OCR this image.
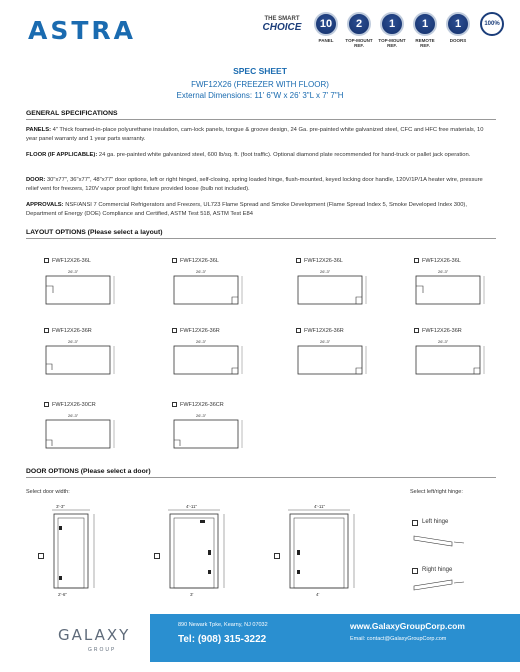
ASTRA	THE SMART
CHOICE	10
PANEL
2
TOP-MOUNT REF.
1
TOP-MOUNT REF.
1
REMOTE REF.
1
DOORS
100%
SPEC SHEET
FWF12X26 (FREEZER WITH FLOOR)
External Dimensions: 11' 6"W x 26' 3"L x 7' 7"H
GENERAL SPECIFICATIONS
PANELS: 4" Thick foamed-in-place polyurethane insulation, cam-lock panels, tongue & groove design, 24 Ga. pre-painted white galvanized steel, CFC and HFC free materials, 10 year panel warranty and 1 year parts warranty.
FLOOR (IF APPLICABLE): 24 ga. pre-painted white galvanized steel, 600 lb/sq. ft. (foot traffic). Optional diamond plate recommended for hand-truck or pallet jack operation.
DOOR: 30"x77", 36"x77", 48"x77" door options, left or right hinged, self-closing, spring loaded hinge, flush-mounted, keyed locking door handle, 120V/1P/1A heater wire, pressure relief vent for freezers, 120V vapor proof light fixture provided loose (bulb not included).
APPROVALS: NSF/ANSI 7 Commercial Refrigerators and Freezers, UL723 Flame Spread and Smoke Development (Flame Spread Index 5, Smoke Developed Index 300), Department of Energy (DOE) Compliance and Certified, ASTM Test 518, ASTM Test E84
LAYOUT OPTIONS (Please select a layout)
FWF12X26-36L
26'-3"
FWF12X26-36L
26'-3"
FWF12X26-36L
26'-3"
FWF12X26-36L
26'-3"
FWF12X26-36R
26'-3"
FWF12X26-36R
26'-3"
FWF12X26-36R
26'-3"
FWF12X26-36R
26'-3"
FWF12X26-30CR
26'-3"
FWF12X26-36CR
26'-3"
DOOR OPTIONS (Please select a door)
Select door width:	Select left/right hinge:
3'-3"
2'-6"
4'-11"
3'
4'-11"
4'
Left hinge
Right hinge
GALAXY
GROUP
890 Newark Tpke, Kearny, NJ 07032
Tel: (908) 315-3222
www.GalaxyGroupCorp.com
Email: contact@GalaxyGroupCorp.com
